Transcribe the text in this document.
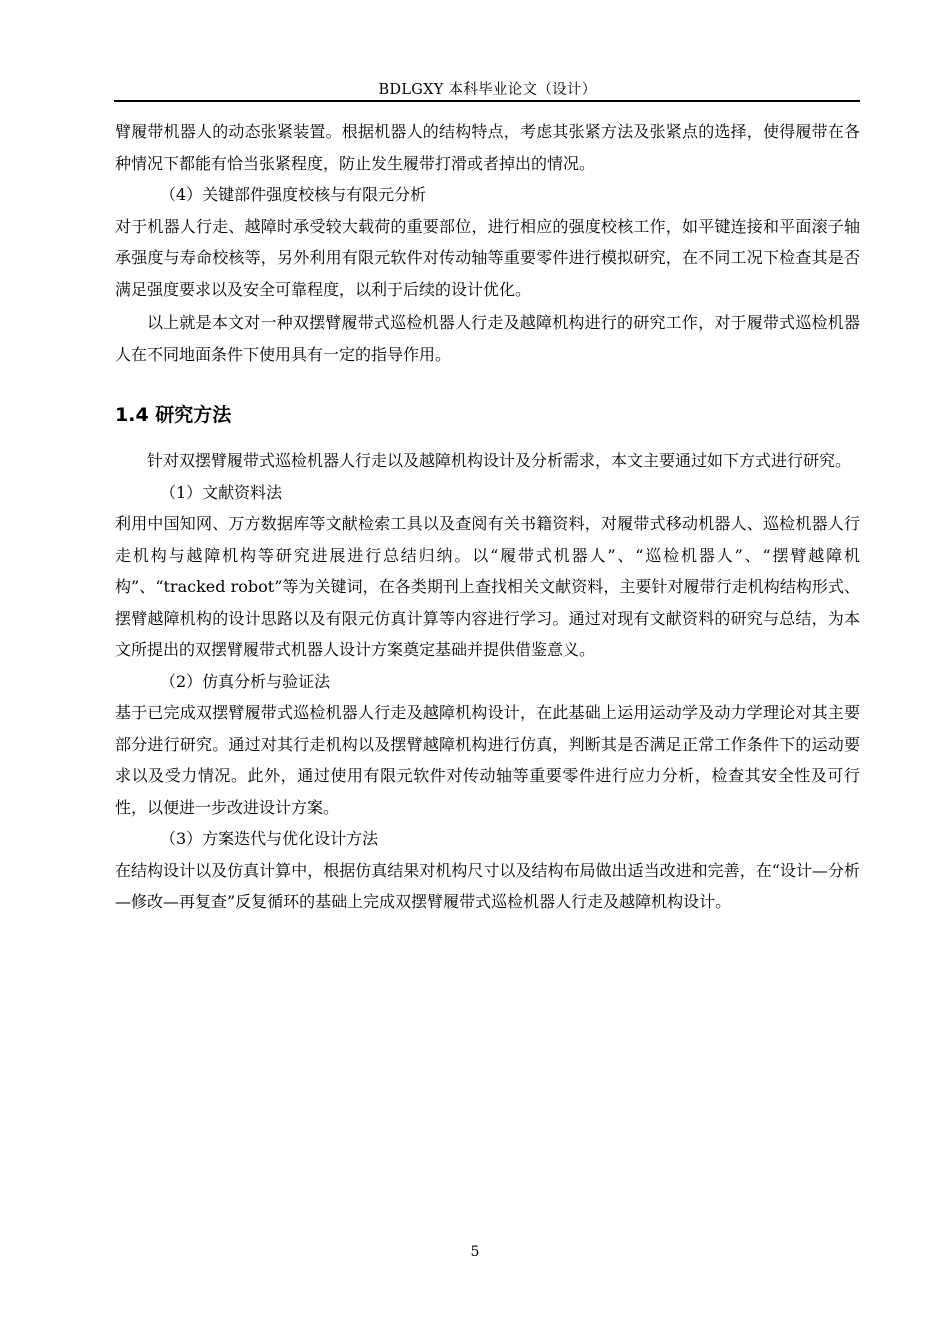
BDLGXY 本科毕业论文（设计）

臂履带机器人的动态张紧装置。根据机器人的结构特点，考虑其张紧方法及张紧点的选择，使得履带在各种情况下都能有恰当张紧程度，防止发生履带打滑或者掉出的情况。

（4）关键部件强度校核与有限元分析

对于机器人行走、越障时承受较大载荷的重要部位，进行相应的强度校核工作，如平键连接和平面滚子轴承强度与寿命校核等，另外利用有限元软件对传动轴等重要零件进行模拟研究，在不同工况下检查其是否满足强度要求以及安全可靠程度，以利于后续的设计优化。

以上就是本文对一种双摆臂履带式巡检机器人行走及越障机构进行的研究工作，对于履带式巡检机器人在不同地面条件下使用具有一定的指导作用。

1.4 研究方法

针对双摆臂履带式巡检机器人行走以及越障机构设计及分析需求，本文主要通过如下方式进行研究。

（1）文献资料法

利用中国知网、万方数据库等文献检索工具以及查阅有关书籍资料，对履带式移动机器人、巡检机器人行走机构与越障机构等研究进展进行总结归纳。以“履带式机器人”、“巡检机器人”、“摆臂越障机构”、“tracked robot”等为关键词，在各类期刊上查找相关文献资料，主要针对履带行走机构结构形式、摆臂越障机构的设计思路以及有限元仿真计算等内容进行学习。通过对现有文献资料的研究与总结，为本文所提出的双摆臂履带式机器人设计方案奠定基础并提供借鉴意义。

（2）仿真分析与验证法

基于已完成双摆臂履带式巡检机器人行走及越障机构设计，在此基础上运用运动学及动力学理论对其主要部分进行研究。通过对其行走机构以及摆臂越障机构进行仿真，判断其是否满足正常工作条件下的运动要求以及受力情况。此外，通过使用有限元软件对传动轴等重要零件进行应力分析，检查其安全性及可行性，以便进一步改进设计方案。

（3）方案迭代与优化设计方法

在结构设计以及仿真计算中，根据仿真结果对机构尺寸以及结构布局做出适当改进和完善，在“设计—分析—修改—再复查”反复循环的基础上完成双摆臂履带式巡检机器人行走及越障机构设计。

5
